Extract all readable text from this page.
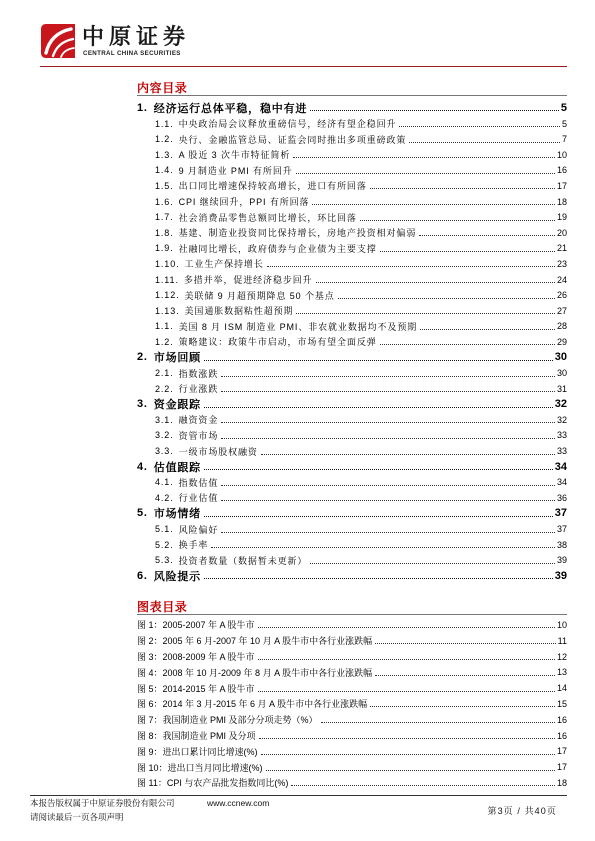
中原证券
CENTRAL CHINA SECURITIES
内容目录
1. 经济运行总体平稳，稳中有进	5
1.1. 中央政治局会议释放重磅信号，经济有望企稳回升	5
1.2. 央行、金融监管总局、证监会同时推出多项重磅政策	7
1.3. A 股近 3 次牛市特征简析	10
1.4. 9 月制造业 PMI 有所回升	16
1.5. 出口同比增速保持较高增长，进口有所回落	17
1.6. CPI 继续回升，PPI 有所回落	18
1.7. 社会消费品零售总额同比增长，环比回落	19
1.8. 基建、制造业投资同比保持增长，房地产投资相对偏弱	20
1.9. 社融同比增长，政府债券与企业债为主要支撑	21
1.10. 工业生产保持增长	23
1.11. 多措并举，促进经济稳步回升	24
1.12. 美联储 9 月超预期降息 50 个基点	26
1.13. 美国通胀数据粘性超预期	27
1.1. 美国 8 月 ISM 制造业 PMI、非农就业数据均不及预期	28
1.2. 策略建议：政策牛市启动，市场有望全面反弹	29
2. 市场回顾	30
2.1. 指数涨跌	30
2.2. 行业涨跌	31
3. 资金跟踪	32
3.1. 融资资金	32
3.2. 资管市场	33
3.3. 一级市场股权融资	33
4. 估值跟踪	34
4.1. 指数估值	34
4.2. 行业估值	36
5. 市场情绪	37
5.1. 风险偏好	37
5.2. 换手率	38
5.3. 投资者数量（数据暂未更新）	39
6. 风险提示	39
图表目录
图 1：2005-2007 年 A 股牛市	10
图 2：2005 年 6 月-2007 年 10 月 A 股牛市中各行业涨跌幅	11
图 3：2008-2009 年 A 股牛市	12
图 4：2008 年 10 月-2009 年 8 月 A 股牛市中各行业涨跌幅	13
图 5：2014-2015 年 A 股牛市	14
图 6：2014 年 3 月-2015 年 6 月 A 股牛市中各行业涨跌幅	15
图 7：我国制造业 PMI 及部分分项走势（%）	16
图 8：我国制造业 PMI 及分项	16
图 9：进出口累计同比增速(%)	17
图 10：进出口当月同比增速(%)	17
图 11：CPI 与农产品批发指数同比(%)	18
本报告版权属于中原证券股份有限公司	www.ccnew.com
请阅读最后一页各项声明
第3页 / 共40页
